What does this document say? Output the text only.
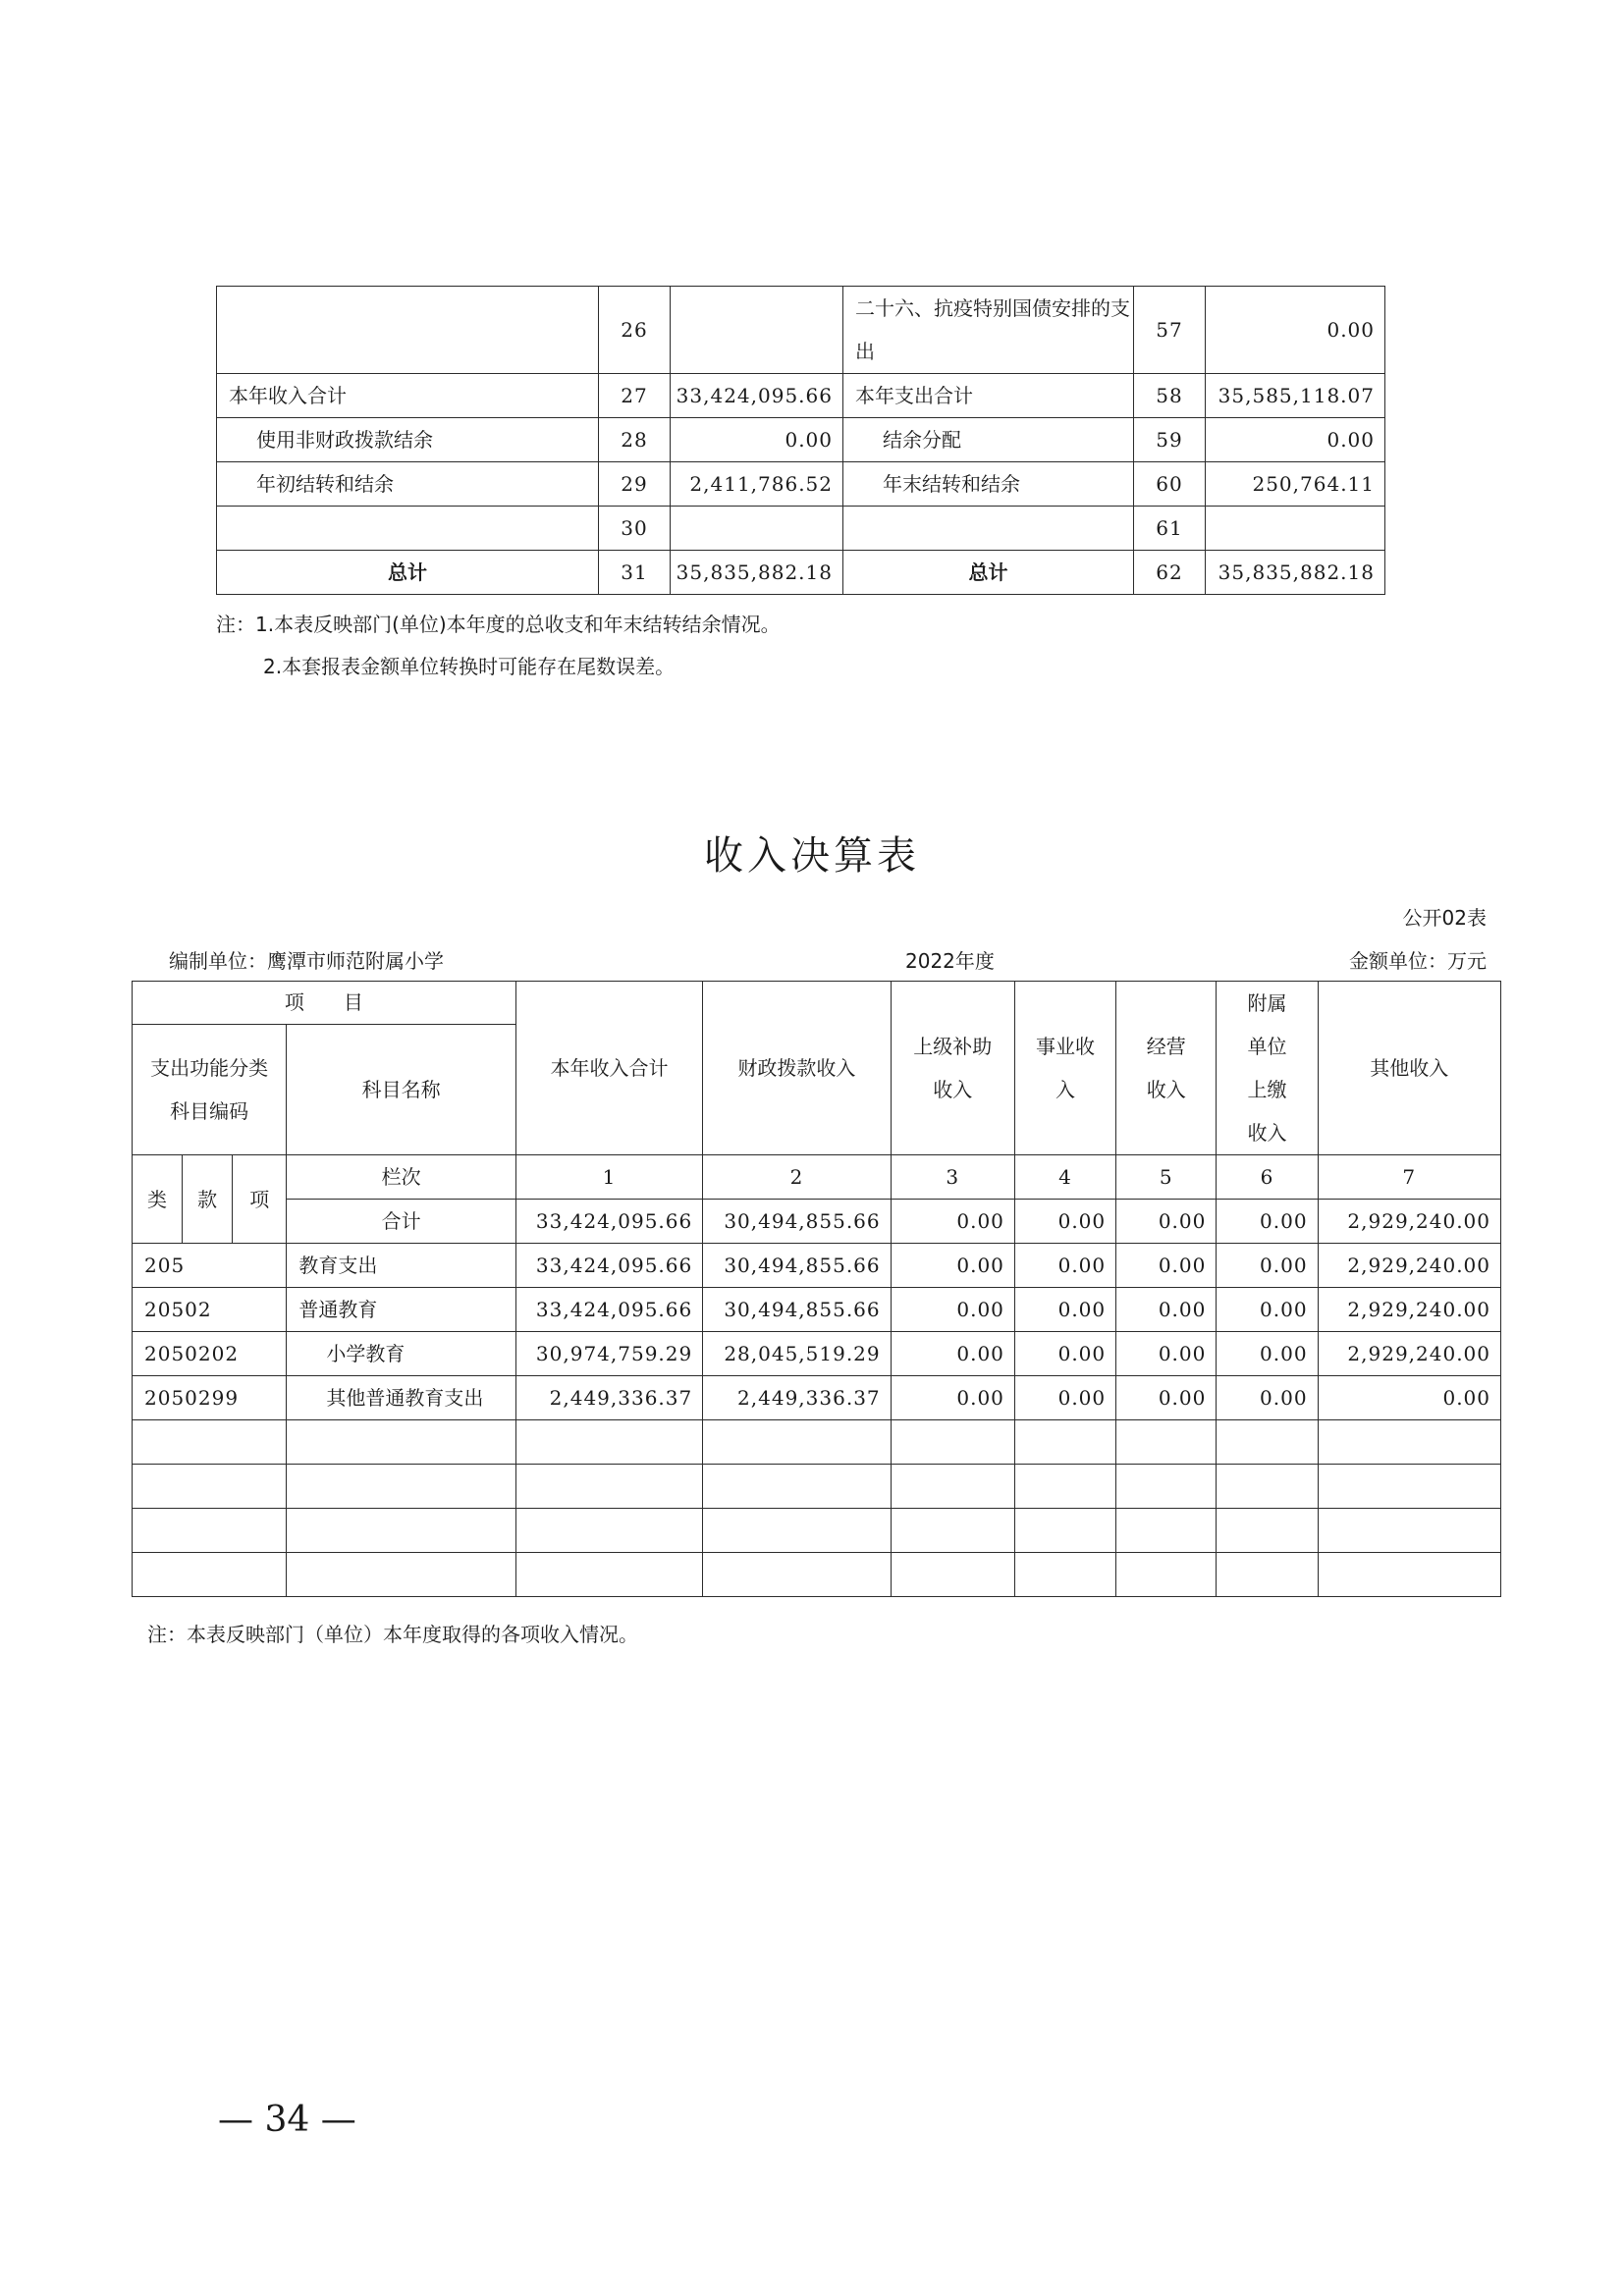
	26		二十六、抗疫特别国债安排的支出	57	0.00
本年收入合计	27	33,424,095.66	本年支出合计	58	35,585,118.07
使用非财政拨款结余	28	0.00	结余分配	59	0.00
年初结转和结余	29	2,411,786.52	年末结转和结余	60	250,764.11
	30			61	
总计	31	35,835,882.18	总计	62	35,835,882.18
注：1.本表反映部门(单位)本年度的总收支和年末结转结余情况。
2.本套报表金额单位转换时可能存在尾数误差。
收入决算表
公开02表
编制单位：鹰潭市师范附属小学	2022年度	金额单位：万元
项　　目				本年收入合计	财政拨款收入	上级补助收入	事业收入	经营收入	附属单位上缴收入	其他收入
支出功能分类科目编码			科目名称							
类	款	项	栏次	1	2	3	4	5	6	7
			合计	33,424,095.66	30,494,855.66	0.00	0.00	0.00	0.00	2,929,240.00
205			教育支出	33,424,095.66	30,494,855.66	0.00	0.00	0.00	0.00	2,929,240.00
20502			普通教育	33,424,095.66	30,494,855.66	0.00	0.00	0.00	0.00	2,929,240.00
2050202			小学教育	30,974,759.29	28,045,519.29	0.00	0.00	0.00	0.00	2,929,240.00
2050299			其他普通教育支出	2,449,336.37	2,449,336.37	0.00	0.00	0.00	0.00	0.00

注：本表反映部门（单位）本年度取得的各项收入情况。
— 34 —
